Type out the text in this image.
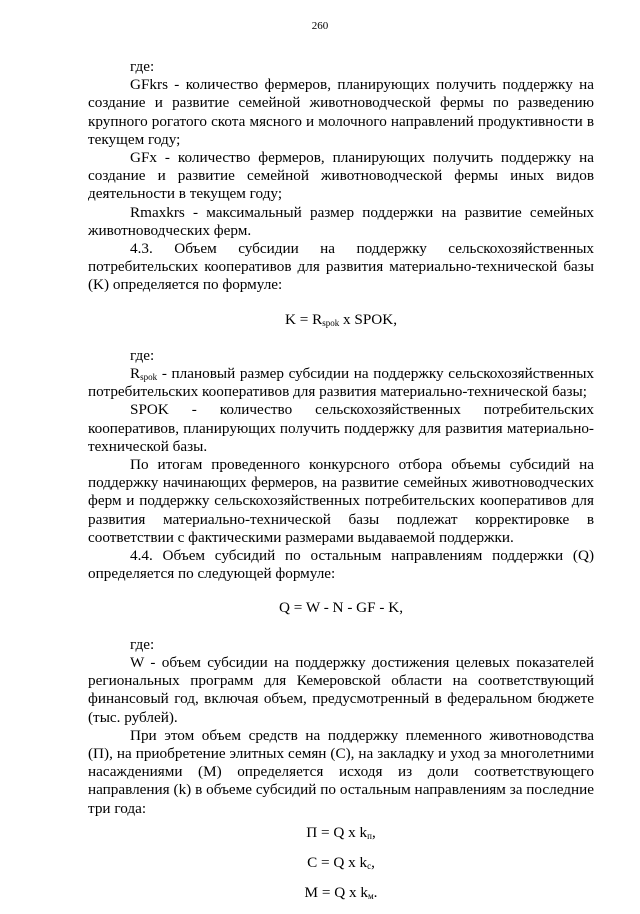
260

где:

GFkrs - количество фермеров, планирующих получить поддержку на создание и развитие семейной животноводческой фермы по разведению крупного рогатого скота мясного и молочного направлений продуктивности в текущем году;

GFx - количество фермеров, планирующих получить поддержку на создание и развитие семейной животноводческой фермы иных видов деятельности в текущем году;

Rmaxkrs - максимальный размер поддержки на развитие семейных животноводческих ферм.

4.3. Объем субсидии на поддержку сельскохозяйственных потребительских кооперативов для развития материально-технической базы (K) определяется по формуле:

$K = R_{spok}$ x SPOK,

где:

$R_{spok}$ - плановый размер субсидии на поддержку сельскохозяйственных потребительских кооперативов для развития материально-технической базы;

SPOK - количество сельскохозяйственных потребительских кооперативов, планирующих получить поддержку для развития материально-технической базы.

По итогам проведенного конкурсного отбора объемы субсидий на поддержку начинающих фермеров, на развитие семейных животноводческих ферм и поддержку сельскохозяйственных потребительских кооперативов для развития материально-технической базы подлежат корректировке в соответствии с фактическими размерами выдаваемой поддержки.

4.4. Объем субсидий по остальным направлениям поддержки (Q) определяется по следующей формуле:

Q = W - N - GF - K,

где:

W - объем субсидии на поддержку достижения целевых показателей региональных программ для Кемеровской области на соответствующий финансовый год, включая объем, предусмотренный в федеральном бюджете (тыс. рублей).

При этом объем средств на поддержку племенного животноводства (П), на приобретение элитных семян (С), на закладку и уход за многолетними насаждениями (М) определяется исходя из доли соответствующего направления (k) в объеме субсидий по остальным направлениям за последние три года:

П = Q x $k_п$,

С = Q x $k_с$,

М = Q x $k_м$.
